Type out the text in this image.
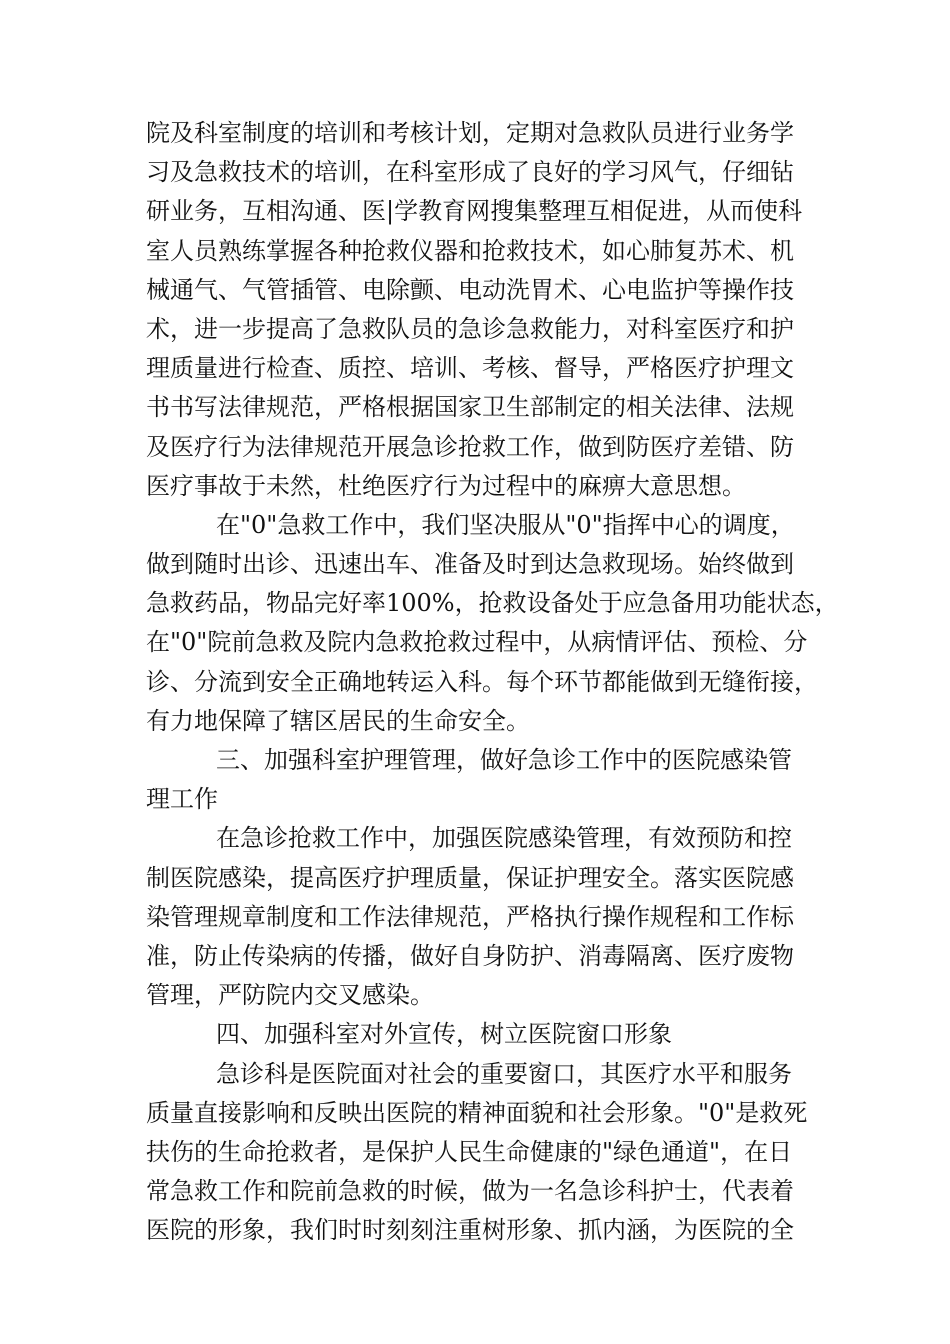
院及科室制度的培训和考核计划，定期对急救队员进行业务学
习及急救技术的培训，在科室形成了良好的学习风气，仔细钻
研业务，互相沟通、医|学教育网搜集整理互相促进，从而使科
室人员熟练掌握各种抢救仪器和抢救技术，如心肺复苏术、机
械通气、气管插管、电除颤、电动洗胃术、心电监护等操作技
术，进一步提高了急救队员的急诊急救能力，对科室医疗和护
理质量进行检查、质控、培训、考核、督导，严格医疗护理文
书书写法律规范，严格根据国家卫生部制定的相关法律、法规
及医疗行为法律规范开展急诊抢救工作，做到防医疗差错、防
医疗事故于未然，杜绝医疗行为过程中的麻痹大意思想。
在"0"急救工作中，我们坚决服从"0"指挥中心的调度，
做到随时出诊、迅速出车、准备及时到达急救现场。始终做到
急救药品，物品完好率100%，抢救设备处于应急备用功能状态，
在"0"院前急救及院内急救抢救过程中，从病情评估、预检、分
诊、分流到安全正确地转运入科。每个环节都能做到无缝衔接，
有力地保障了辖区居民的生命安全。
三、加强科室护理管理，做好急诊工作中的医院感染管
理工作
在急诊抢救工作中，加强医院感染管理，有效预防和控
制医院感染，提高医疗护理质量，保证护理安全。落实医院感
染管理规章制度和工作法律规范，严格执行操作规程和工作标
准，防止传染病的传播，做好自身防护、消毒隔离、医疗废物
管理，严防院内交叉感染。
四、加强科室对外宣传，树立医院窗口形象
急诊科是医院面对社会的重要窗口，其医疗水平和服务
质量直接影响和反映出医院的精神面貌和社会形象。"0"是救死
扶伤的生命抢救者，是保护人民生命健康的"绿色通道"，在日
常急救工作和院前急救的时候，做为一名急诊科护士，代表着
医院的形象，我们时时刻刻注重树形象、抓内涵，为医院的全
